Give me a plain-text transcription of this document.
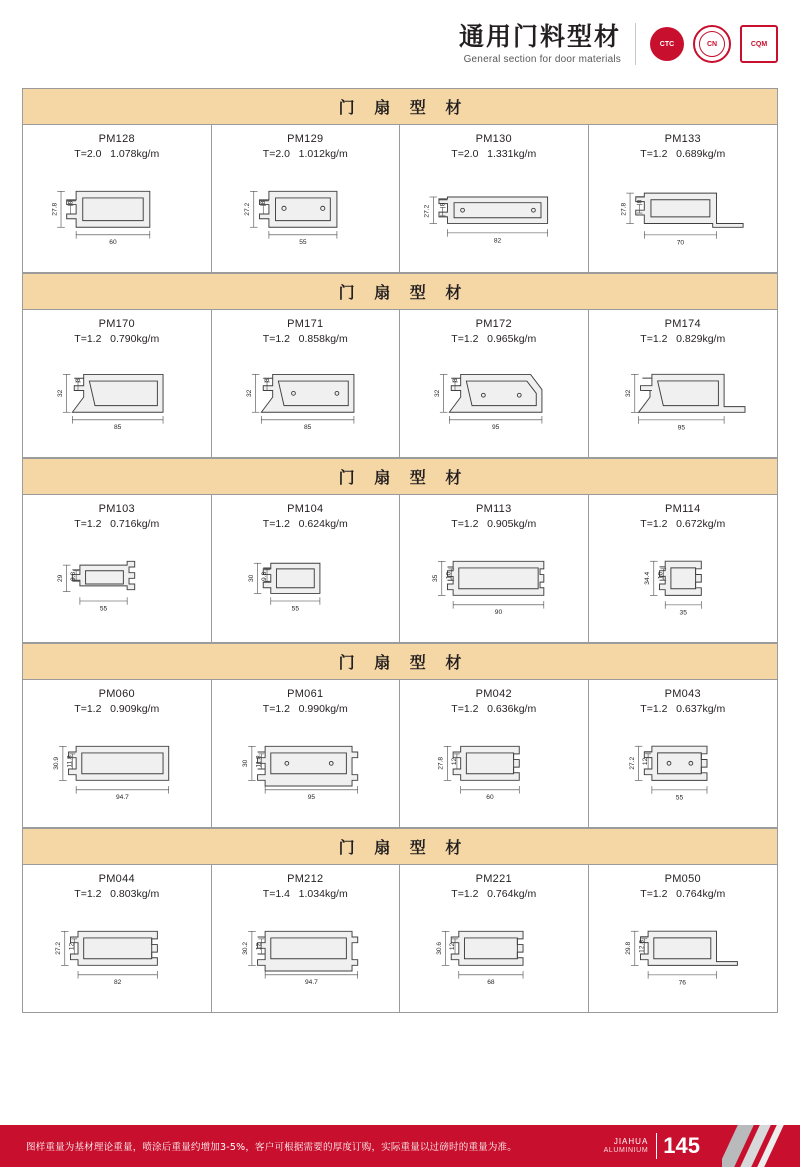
通用门料型材
General section for door materials
CTC	CN	CQM
门 扇 型 材
PM128
T=2.0   1.078kg/m
60
27.8
8
PM129
T=2.0   1.012kg/m
55
27.2
8
PM130
T=2.0   1.331kg/m
82
27.2
8
PM133
T=1.2   0.689kg/m
70
27.8
8
门 扇 型 材
PM170
T=1.2   0.790kg/m
85
32
8
PM171
T=1.2   0.858kg/m
85
32
8
PM172
T=1.2   0.965kg/m
95
32
8
PM174
T=1.2   0.829kg/m
95
32
门 扇 型 材
PM103
T=1.2   0.716kg/m
55
29 9.8
PM104
T=1.2   0.624kg/m
55
30 9.8
PM113
T=1.2   0.905kg/m
90
35 10
PM114
T=1.2   0.672kg/m
35
34.4 10
门 扇 型 材
PM060
T=1.2   0.909kg/m
94.7
30.9 11.8
PM061
T=1.2   0.990kg/m
95
30 11.8
PM042
T=1.2   0.636kg/m
60
27.8 12
PM043
T=1.2   0.637kg/m
55
27.2 12
门 扇 型 材
PM044
T=1.2   0.803kg/m
82
27.2 12
PM212
T=1.4   1.034kg/m
94.7
30.2 12
PM221
T=1.2   0.764kg/m
68
30.6 12
PM050
T=1.2   0.764kg/m
76
29.8 12.8
图样重量为基材理论重量，喷涂后重量约增加3-5%，客户可根据需要的厚度订购，实际重量以过磅时的重量为准。
JIAHUA
ALUMINIUM 145
